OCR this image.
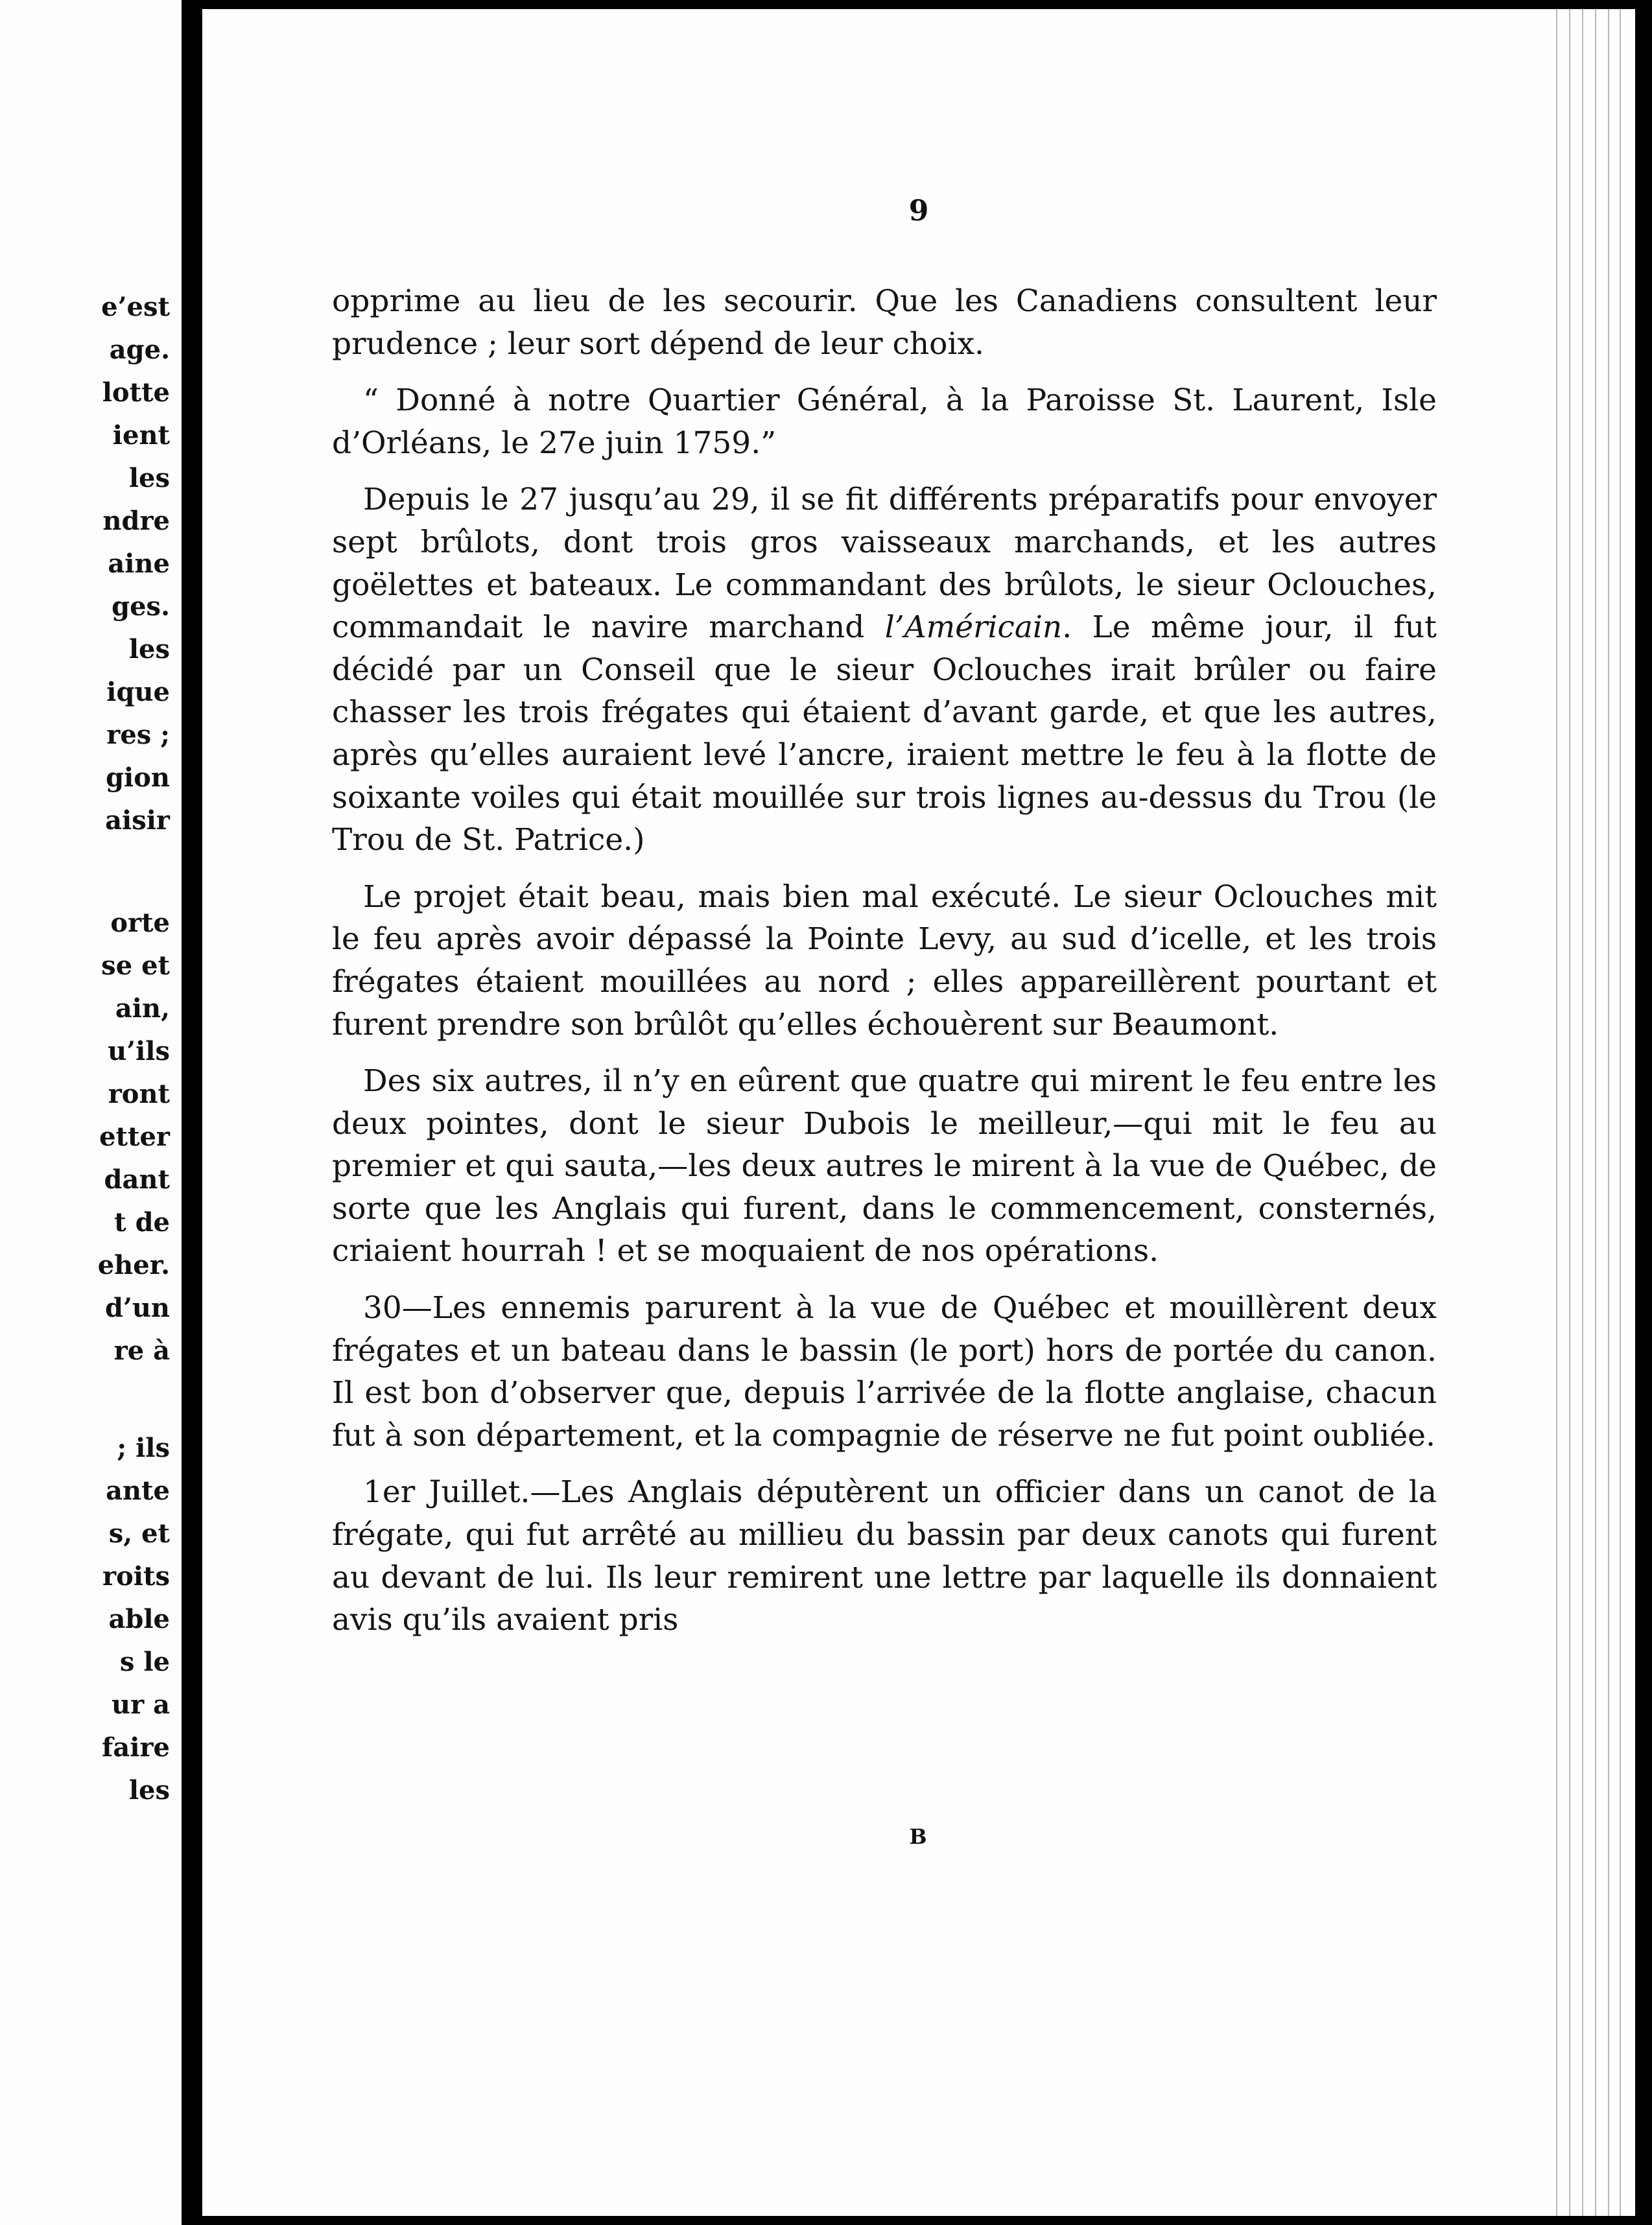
e’est

age.

lotte

ient

les

ndre

aine

ges.

les

ique

res ;

gion

aisir

orte

se et

ain,

u’ils

ront

etter

dant

t de

eher.

d’un

re à

; ils

ante

s, et

roits

able

s le

ur a

faire

les

9

opprime au lieu de les secourir. Que les Canadiens consultent leur prudence ; leur sort dépend de leur choix.

“ Donné à notre Quartier Général, à la Paroisse St. Laurent, Isle d’Orléans, le 27e juin 1759.”

Depuis le 27 jusqu’au 29, il se fit différents préparatifs pour envoyer sept brûlots, dont trois gros vaisseaux marchands, et les autres goëlettes et bateaux. Le commandant des brûlots, le sieur Oclouches, commandait le navire marchand l’Américain. Le même jour, il fut décidé par un Conseil que le sieur Oclouches irait brûler ou faire chasser les trois frégates qui étaient d’avant garde, et que les autres, après qu’elles auraient levé l’ancre, iraient mettre le feu à la flotte de soixante voiles qui était mouillée sur trois lignes au-dessus du Trou (le Trou de St. Patrice.)

Le projet était beau, mais bien mal exécuté. Le sieur Oclouches mit le feu après avoir dépassé la Pointe Levy, au sud d’icelle, et les trois frégates étaient mouillées au nord ; elles appareillèrent pourtant et furent prendre son brûlôt qu’elles échouèrent sur Beaumont.

Des six autres, il n’y en eûrent que quatre qui mirent le feu entre les deux pointes, dont le sieur Dubois le meilleur,—qui mit le feu au premier et qui sauta,—les deux autres le mirent à la vue de Québec, de sorte que les Anglais qui furent, dans le commencement, consternés, criaient hourrah ! et se moquaient de nos opérations.

30—Les ennemis parurent à la vue de Québec et mouillèrent deux frégates et un bateau dans le bassin (le port) hors de portée du canon. Il est bon d’observer que, depuis l’arrivée de la flotte anglaise, chacun fut à son département, et la compagnie de réserve ne fut point oubliée.

1er Juillet.—Les Anglais députèrent un officier dans un canot de la frégate, qui fut arrêté au millieu du bassin par deux canots qui furent au devant de lui. Ils leur remirent une lettre par laquelle ils donnaient avis qu’ils avaient pris

B
